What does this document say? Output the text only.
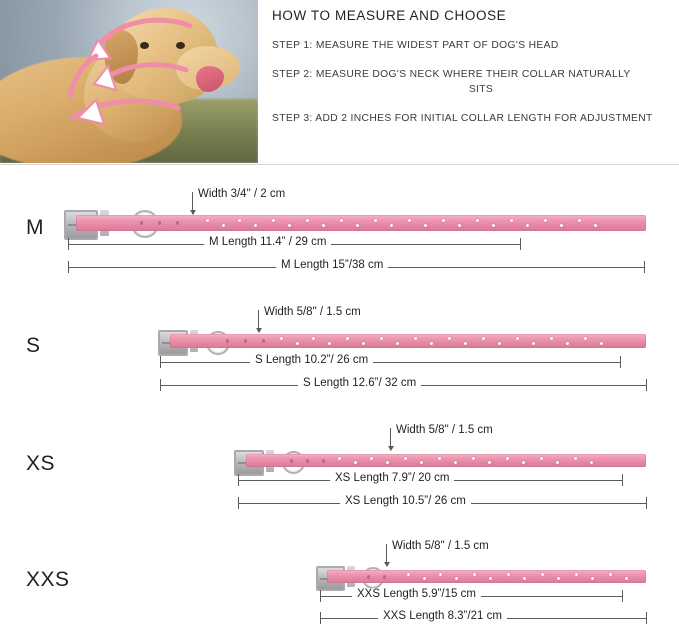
HOW TO MEASURE AND CHOOSE
STEP 1: MEASURE THE WIDEST PART OF DOG'S HEAD
STEP 2: MEASURE DOG'S NECK WHERE THEIR COLLAR NATURALLY
SITS
STEP 3: ADD 2 INCHES FOR INITIAL COLLAR LENGTH FOR ADJUSTMENT
M
Width 3/4" / 2 cm
M Length 11.4” / 29 cm
M Length 15”/38 cm
S
Width 5/8" / 1.5 cm
S Length 10.2”/ 26 cm
S Length 12.6”/ 32 cm
XS
Width 5/8" / 1.5 cm
XS Length 7.9”/ 20 cm
XS Length 10.5”/ 26 cm
XXS
Width 5/8" / 1.5 cm
XXS Length 5.9”/15 cm
XXS Length 8.3”/21 cm
